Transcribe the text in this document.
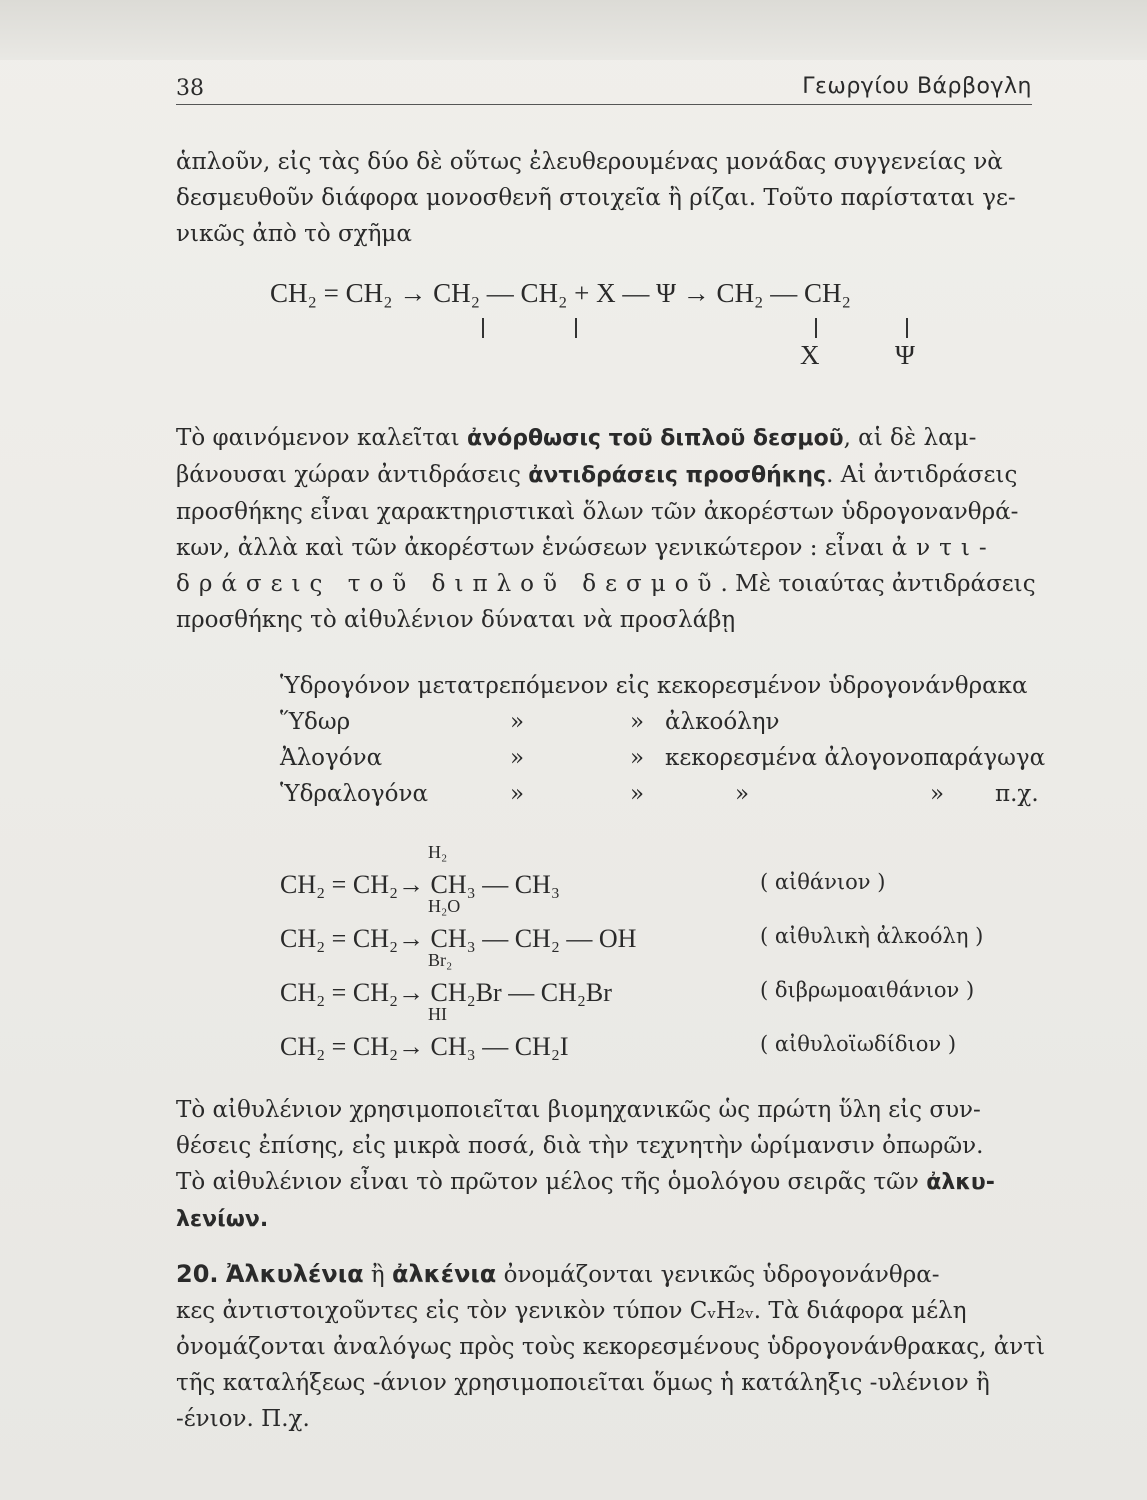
38	Γεωργίου Βάρβογλη
ἁπλοῦν, εἰς τὰς δύο δὲ οὕτως ἐλευθερουμένας μονάδας συγγενείας νὰ
δεσμευθοῦν διάφορα μονοσθενῆ στοιχεῖα ἢ ρίζαι. Τοῦτο παρίσταται γε-
νικῶς ἀπὸ τὸ σχῆμα
CH₂ = CH₂ → CH₂ — CH₂ + X — Ψ → CH₂ — CH₂
X	Ψ
Τὸ φαινόμενον καλεῖται ἀνόρθωσις τοῦ διπλοῦ δεσμοῦ, αἱ δὲ λαμ-
βάνουσαι χώραν ἀντιδράσεις ἀντιδράσεις προσθήκης. Αἱ ἀντιδράσεις
προσθήκης εἶναι χαρακτηριστικαὶ ὅλων τῶν ἀκορέστων ὑδρογονανθρά-
κων, ἀλλὰ καὶ τῶν ἀκορέστων ἑνώσεων γενικώτερον : εἶναι ἀντι-
δράσεις τοῦ διπλοῦ δεσμοῦ. Μὲ τοιαύτας ἀντιδράσεις
προσθήκης τὸ αἰθυλένιον δύναται νὰ προσλάβῃ
Ὑδρογόνον μετατρεπόμενον εἰς κεκορεσμένον ὑδρογονάνθρακα
Ὕδωρ	»	» ἀλκοόλην
Ἀλογόνα	»	» κεκορεσμένα ἀλογονοπαράγωγα
Ὑδραλογόνα	»	»	»	» π.χ.
H₂
CH₂ = CH₂→ CH₃ — CH₃	( αἰθάνιον )
H₂O
CH₂ = CH₂→ CH₃ — CH₂ — OH	( αἰθυλικὴ ἀλκοόλη )
Br₂
CH₂ = CH₂→ CH₂Br — CH₂Br	( διβρωμοαιθάνιον )
HI
CH₂ = CH₂→ CH₃ — CH₂I	( αἰθυλοϊωδίδιον )
Τὸ αἰθυλένιον χρησιμοποιεῖται βιομηχανικῶς ὡς πρώτη ὕλη εἰς συν-
θέσεις ἐπίσης, εἰς μικρὰ ποσά, διὰ τὴν τεχνητὴν ὡρίμανσιν ὀπωρῶν.
Τὸ αἰθυλένιον εἶναι τὸ πρῶτον μέλος τῆς ὁμολόγου σειρᾶς τῶν ἀλκυ-
λενίων.
20. Ἀλκυλένια ἢ ἀλκένια ὀνομάζονται γενικῶς ὑδρογονάνθρα-
κες ἀντιστοιχοῦντες εἰς τὸν γενικὸν τύπον CᵥH₂ᵥ. Τὰ διάφορα μέλη
ὀνομάζονται ἀναλόγως πρὸς τοὺς κεκορεσμένους ὑδρογονάνθρακας, ἀντὶ
τῆς καταλήξεως -άνιον χρησιμοποιεῖται ὅμως ἡ κατάληξις -υλένιον ἢ
-ένιον. Π.χ.
